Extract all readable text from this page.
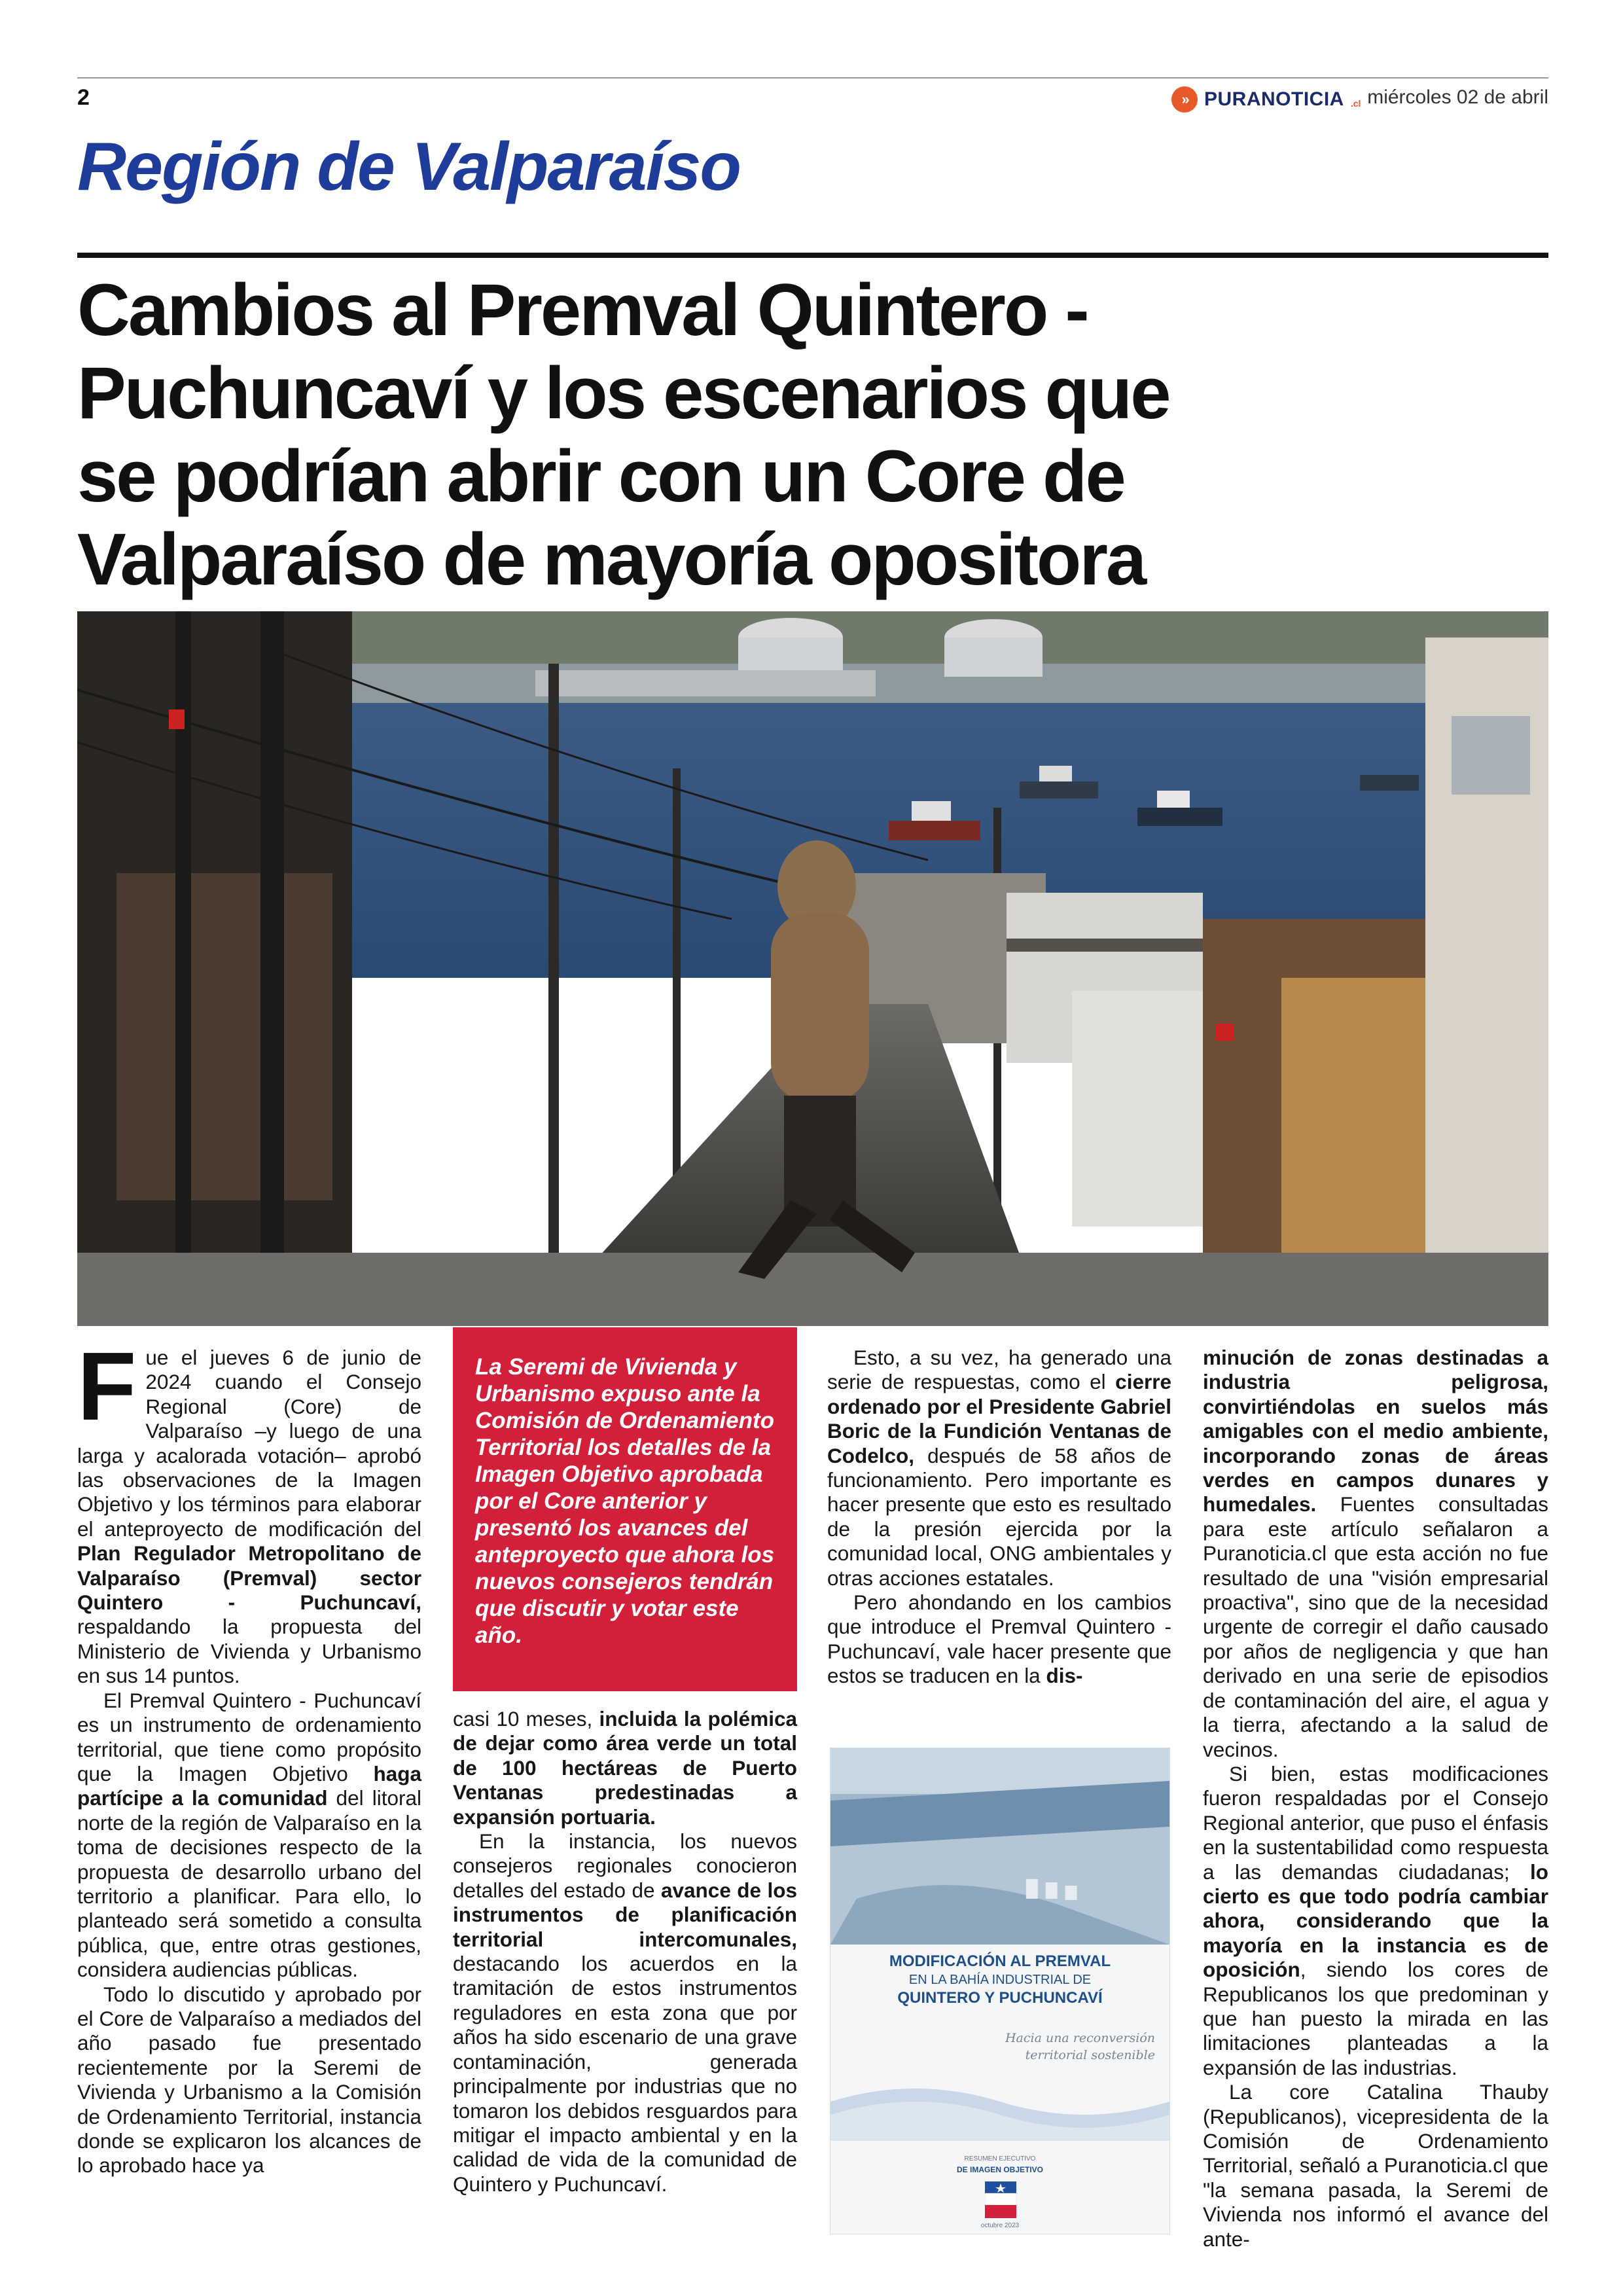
2	» PURANOTICIA .cl miércoles 02 de abril
Región de Valparaíso
Cambios al Premval Quintero -
Puchuncaví y los escenarios que
se podrían abrir con un Core de
Valparaíso de mayoría opositora

Fue el jueves 6 de junio de 2024 cuando el Consejo Regional (Core) de Valparaíso –y luego de una larga y acalorada votación– aprobó las observaciones de la Imagen Objetivo y los términos para elaborar el anteproyecto de modificación del Plan Regulador Metropolitano de Valparaíso (Premval) sector Quintero - Puchuncaví, respaldando la propuesta del Ministerio de Vivienda y Urbanismo en sus 14 puntos.

El Premval Quintero - Puchuncaví es un instrumento de ordenamiento territorial, que tiene como propósito que la Imagen Objetivo haga partícipe a la comunidad del litoral norte de la región de Valparaíso en la toma de decisiones respecto de la propuesta de desarrollo urbano del territorio a planificar. Para ello, lo planteado será sometido a consulta pública, que, entre otras gestiones, considera audiencias públicas.

Todo lo discutido y aprobado por el Core de Valparaíso a mediados del año pasado fue presentado recientemente por la Seremi de Vivienda y Urbanismo a la Comisión de Ordenamiento Territorial, instancia donde se explicaron los alcances de lo aprobado hace ya

La Seremi de Vivienda y Urbanismo expuso ante la Comisión de Ordenamiento Territorial los detalles de la Imagen Objetivo aprobada por el Core anterior y presentó los avances del anteproyecto que ahora los nuevos consejeros tendrán que discutir y votar este año.

casi 10 meses, incluida la polémica de dejar como área verde un total de 100 hectáreas de Puerto Ventanas predestinadas a expansión portuaria.

En la instancia, los nuevos consejeros regionales conocieron detalles del estado de avance de los instrumentos de planificación territorial intercomunales, destacando los acuerdos en la tramitación de estos instrumentos reguladores en esta zona que por años ha sido escenario de una grave contaminación, generada principalmente por industrias que no tomaron los debidos resguardos para mitigar el impacto ambiental y en la calidad de vida de la comunidad de Quintero y Puchuncaví.

Esto, a su vez, ha generado una serie de respuestas, como el cierre ordenado por el Presidente Gabriel Boric de la Fundición Ventanas de Codelco, después de 58 años de funcionamiento. Pero importante es hacer presente que esto es resultado de la presión ejercida por la comunidad local, ONG ambientales y otras acciones estatales.

Pero ahondando en los cambios que introduce el Premval Quintero - Puchuncaví, vale hacer presente que estos se traducen en la dis-

MODIFICACIÓN AL PREMVAL
EN LA BAHÍA INDUSTRIAL DE
QUINTERO Y PUCHUNCAVÍ
Hacia una reconversión
territorial sostenible
RESUMEN EJECUTIVO
DE IMAGEN OBJETIVO
octubre 2023

minución de zonas destinadas a industria peligrosa, convirtiéndolas en suelos más amigables con el medio ambiente, incorporando zonas de áreas verdes en campos dunares y humedales. Fuentes consultadas para este artículo señalaron a Puranoticia.cl que esta acción no fue resultado de una "visión empresarial proactiva", sino que de la necesidad urgente de corregir el daño causado por años de negligencia y que han derivado en una serie de episodios de contaminación del aire, el agua y la tierra, afectando a la salud de vecinos.

Si bien, estas modificaciones fueron respaldadas por el Consejo Regional anterior, que puso el énfasis en la sustentabilidad como respuesta a las demandas ciudadanas; lo cierto es que todo podría cambiar ahora, considerando que la mayoría en la instancia es de oposición, siendo los cores de Republicanos los que predominan y que han puesto la mirada en las limitaciones planteadas a la expansión de las industrias.

La core Catalina Thauby (Republicanos), vicepresidenta de la Comisión de Ordenamiento Territorial, señaló a Puranoticia.cl que "la semana pasada, la Seremi de Vivienda nos informó el avance del ante-
